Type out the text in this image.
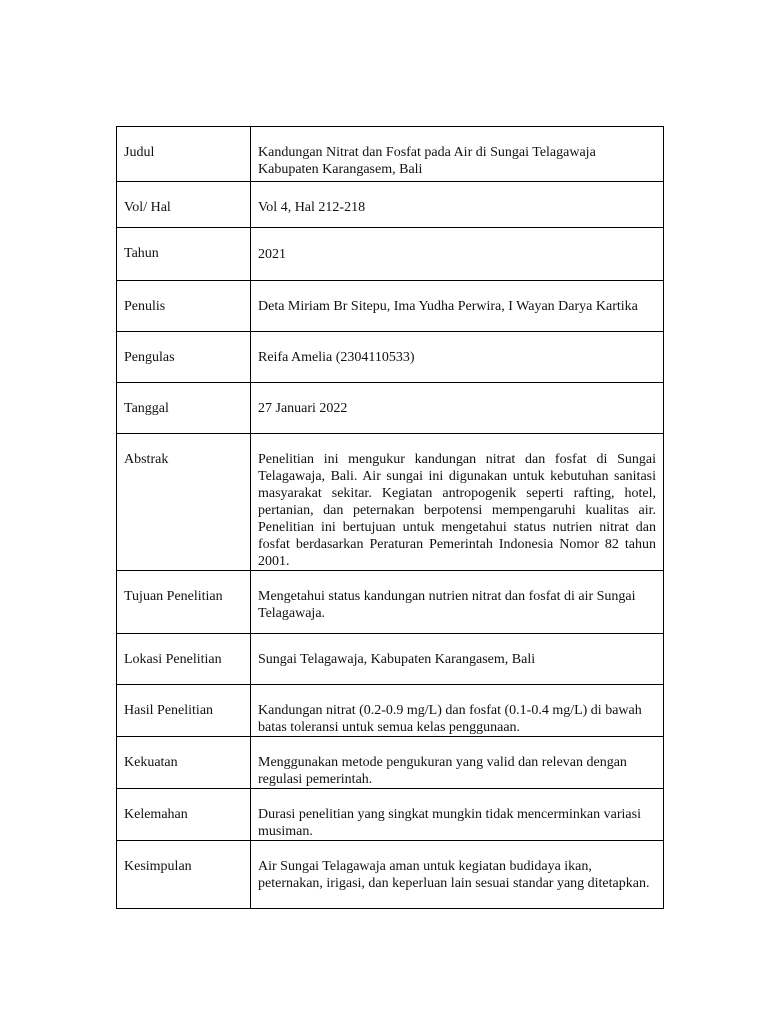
Judul	Kandungan Nitrat dan Fosfat pada Air di Sungai Telagawaja Kabupaten Karangasem, Bali

Vol/ Hal	Vol 4, Hal 212-218

Tahun	2021

Penulis	Deta Miriam Br Sitepu, Ima Yudha Perwira, I Wayan Darya Kartika

Pengulas	Reifa Amelia (2304110533)

Tanggal	27 Januari 2022

Abstrak	Penelitian ini mengukur kandungan nitrat dan fosfat di Sungai Telagawaja, Bali. Air sungai ini digunakan untuk kebutuhan sanitasi masyarakat sekitar. Kegiatan antropogenik seperti rafting, hotel, pertanian, dan peternakan berpotensi mempengaruhi kualitas air. Penelitian ini bertujuan untuk mengetahui status nutrien nitrat dan fosfat berdasarkan Peraturan Pemerintah Indonesia Nomor 82 tahun 2001.

Tujuan Penelitian	Mengetahui status kandungan nutrien nitrat dan fosfat di air Sungai Telagawaja.

Lokasi Penelitian	Sungai Telagawaja, Kabupaten Karangasem, Bali

Hasil Penelitian	Kandungan nitrat (0.2-0.9 mg/L) dan fosfat (0.1-0.4 mg/L) di bawah batas toleransi untuk semua kelas penggunaan.

Kekuatan	Menggunakan metode pengukuran yang valid dan relevan dengan regulasi pemerintah.

Kelemahan	Durasi penelitian yang singkat mungkin tidak mencerminkan variasi musiman.

Kesimpulan	Air Sungai Telagawaja aman untuk kegiatan budidaya ikan, peternakan, irigasi, dan keperluan lain sesuai standar yang ditetapkan.
